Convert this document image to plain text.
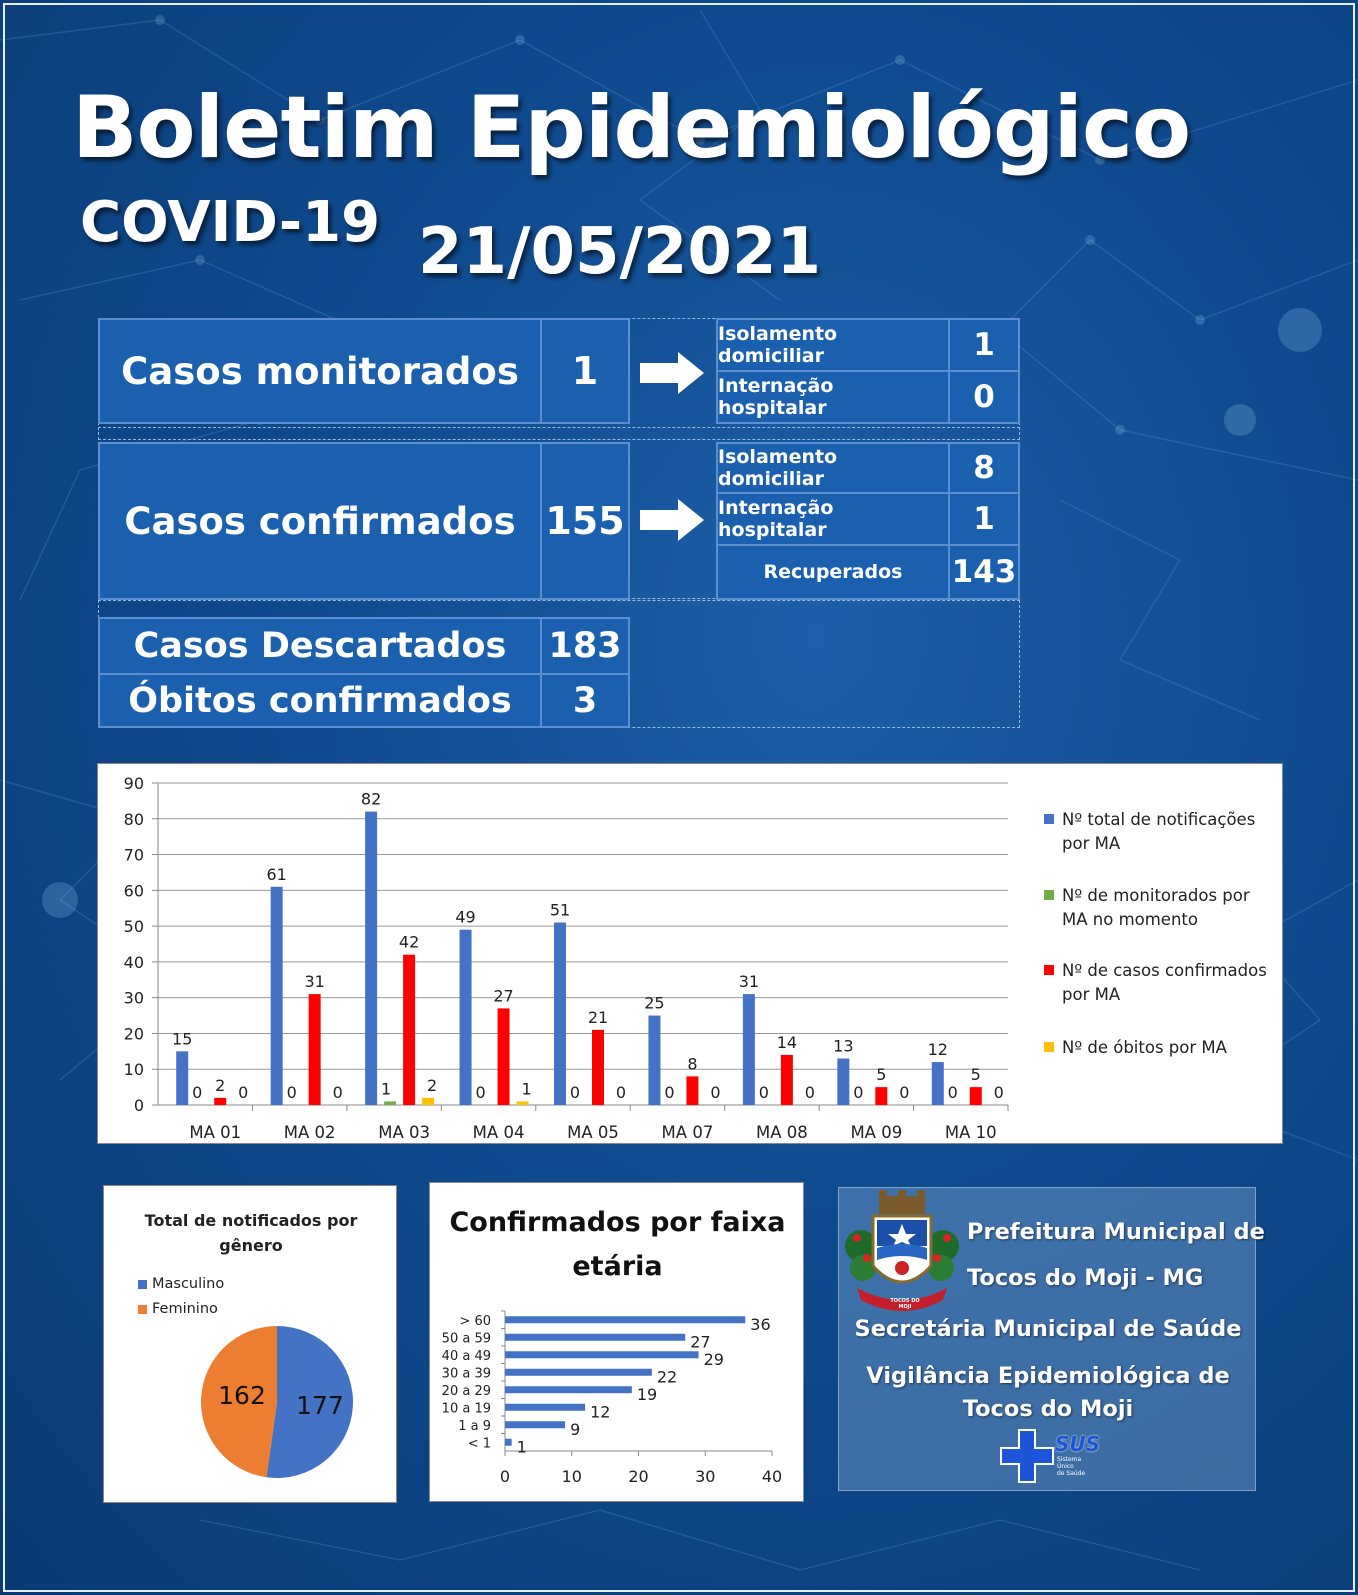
Boletim Epidemiológico
COVID-19 21/05/2021
Casos monitorados	1
Isolamento domiciliar	1
Internação hospitalar	0
Casos confirmados 155
Isolamento domiciliar	8
Internação hospitalar	1
Recuperados	143
Casos Descartados	183
Óbitos confirmados	3
0
10
20
30
40
50
60
70
80
90
MA 01
15
0 2 0
MA 02
61
0
31
0
MA 03
82
1
42
2
MA 04
49
0
27
1
MA 05
51
0
21
0
MA 07
25
0
8
0
MA 08
31
0
14
0
MA 09
13
0
5
0
MA 10
12
0
5
0
Nº total de notificações por MA
Nº de monitorados por MA no momento
Nº de casos confirmados por MA
Nº de óbitos por MA
Total de notificados por gênero
Masculino
Feminino
177
162
Confirmados por faixa etária
0	10	20	30	40
> 60	36
50 a 59	27
40 a 49	29
30 a 39	22
20 a 29	19
10 a 19	12
1 a 9	9
< 1 1
TOCOS DO MOJI
Prefeitura Municipal de
Tocos do Moji - MG
Secretária Municipal de Saúde
Vigilância Epidemiológica de
Tocos do Moji
SUS
Sistema
Único
de Saúde
